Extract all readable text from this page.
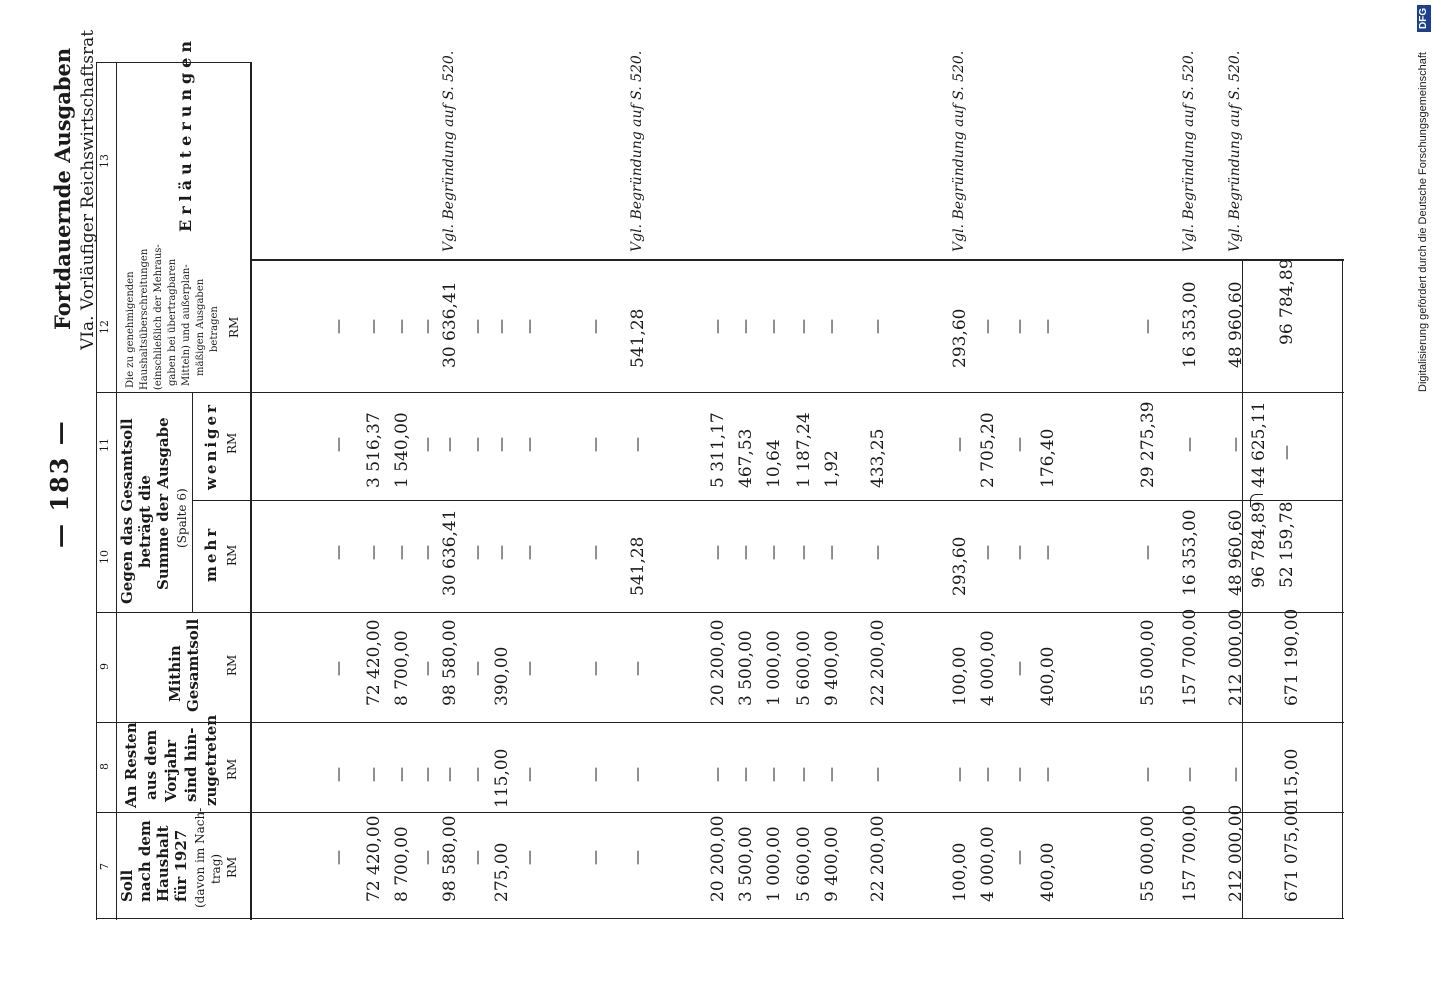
— 183 —
Fortdauernde Ausgaben VIa. Vorläufiger Reichswirtschaftsrat	Digitalisierung gefördert durch die Deutsche Forschungsgemeinschaft
DFG
7
8
9
10
11
12
13
Soll nach dem Haushalt für 1927 (davon im Nach- trag) RM
An Resten aus dem Vorjahr sind hin- zugetreten RM
Mithin Gesamtsoll RM
Gegen das Gesamtsoll beträgt die Summe der Ausgabe (Spalte 6)
mehr RM
weniger RM
Die zu genehmigenden Haushaltsüberschreitungen (einschließlich der Mehraus- gaben bei übertragbaren Mitteln) und außerplan- mäßigen Ausgaben betragen RM
Erläuterungen
—
—
—
—
—
—
72 420,00
—
72 420,00
—
3 516,37
—
8 700,00
—
8 700,00
—
1 540,00
—
—
—
—
—
—
—
98 580,00
—
98 580,00
30 636,41
—
30 636,41
Vgl. Begründung auf S. 520.
—
—
—
—
—
—
275,00
115,00
390,00
—
—
—
—
—
—
—
—
—
—
—
—
—
—
—
—
—
—
541,28
—
541,28
Vgl. Begründung auf S. 520.
20 200,00
—
20 200,00
—
5 311,17
—
3 500,00
—
3 500,00
—
467,53
—
1 000,00
—
1 000,00
—
10,64
—
5 600,00
—
5 600,00
—
1 187,24
—
9 400,00
—
9 400,00
—
1,92
—
22 200,00
—
22 200,00
—
433,25
—
100,00
—
100,00
293,60
—
293,60
Vgl. Begründung auf S. 520.
4 000,00
—
4 000,00
—
2 705,20
—
—
—
—
—
—
—
400,00
—
400,00
—
176,40
—
55 000,00
—
55 000,00
—
29 275,39
—
157 700,00
—
157 700,00
16 353,00
—
16 353,00
Vgl. Begründung auf S. 520.
212 000,00
—
212 000,00
48 960,60
—
48 960,60
Vgl. Begründung auf S. 520.
671 075,00
115,00
671 190,00
96 784,89
44 625,11
52 159,78
—
96 784,89
